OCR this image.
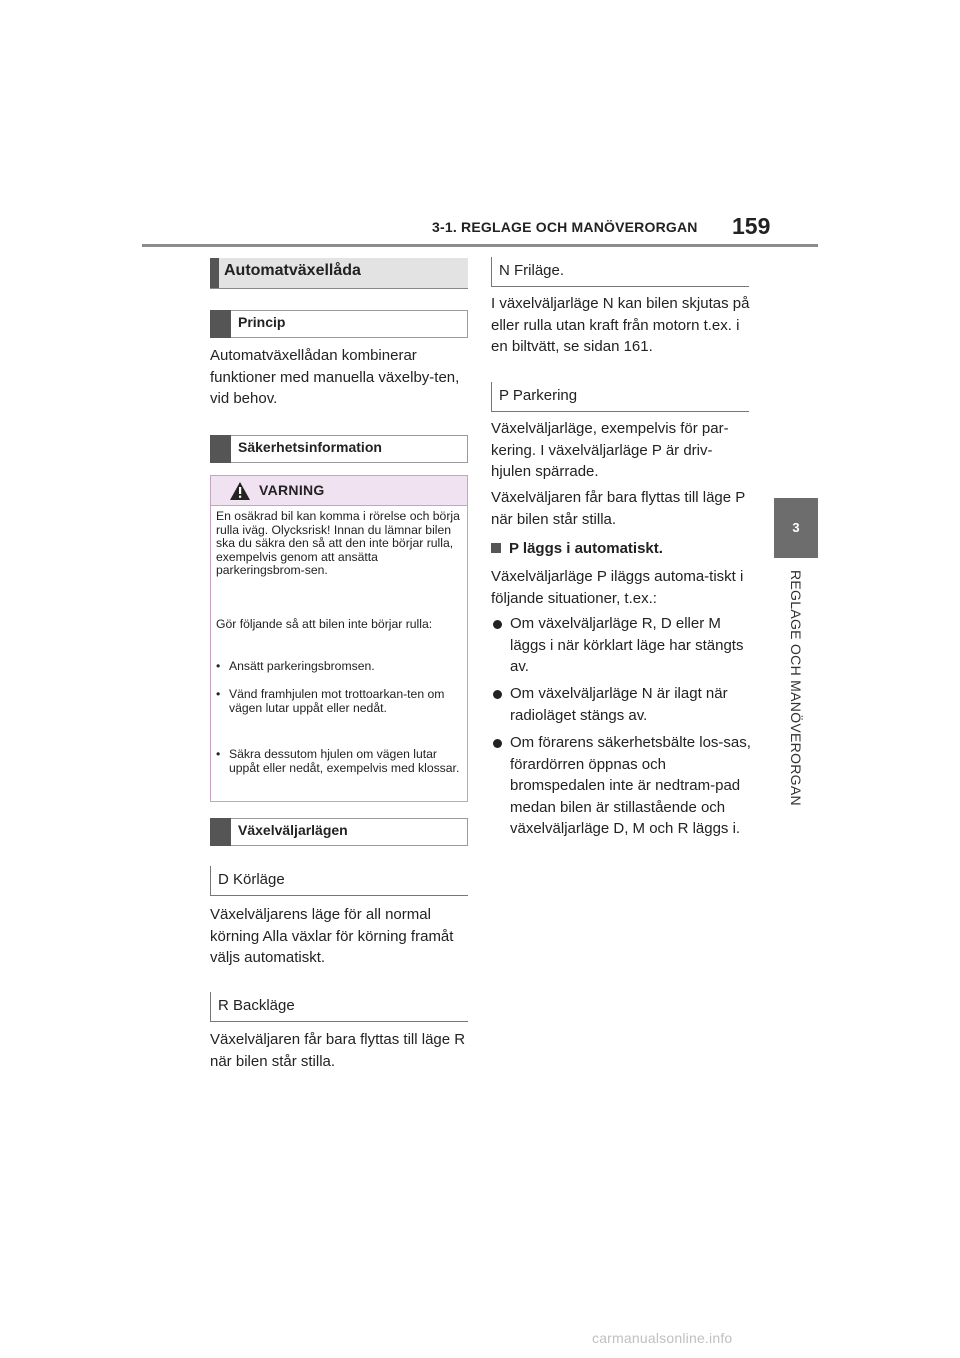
3-1. REGLAGE OCH MANÖVERORGAN 159
3
REGLAGE OCH MANÖVERORGAN
Automatväxellåda
Princip
Automatväxellådan kombinerar funktioner med manuella växelby-ten, vid behov.
Säkerhetsinformation
VARNING
En osäkrad bil kan komma i rörelse och börja rulla iväg. Olycksrisk! Innan du lämnar bilen ska du säkra den så att den inte börjar rulla, exempelvis genom att ansätta parkeringsbrom-sen.
Gör följande så att bilen inte börjar rulla:
• Ansätt parkeringsbromsen.
• Vänd framhjulen mot trottoarkan-ten om vägen lutar uppåt eller nedåt.
• Säkra dessutom hjulen om vägen lutar uppåt eller nedåt, exempelvis med klossar.
Växelväljarlägen
D Körläge
Växelväljarens läge för all normal körning Alla växlar för körning framåt väljs automatiskt.
R Backläge
Växelväljaren får bara flyttas till läge R när bilen står stilla.
N Friläge.
I växelväljarläge N kan bilen skjutas på eller rulla utan kraft från motorn t.ex. i en biltvätt, se sidan 161.
P Parkering
Växelväljarläge, exempelvis för par-kering. I växelväljarläge P är driv-hjulen spärrade.
Växelväljaren får bara flyttas till läge P när bilen står stilla.
P läggs i automatiskt.
Växelväljarläge P iläggs automa-tiskt i följande situationer, t.ex.:
Om växelväljarläge R, D eller M läggs i när körklart läge har stängts av.
Om växelväljarläge N är ilagt när radioläget stängs av.
Om förarens säkerhetsbälte los-sas, förardörren öppnas och bromspedalen inte är nedtram-pad medan bilen är stillastående och växelväljarläge D, M och R läggs i.
carmanualsonline.info
